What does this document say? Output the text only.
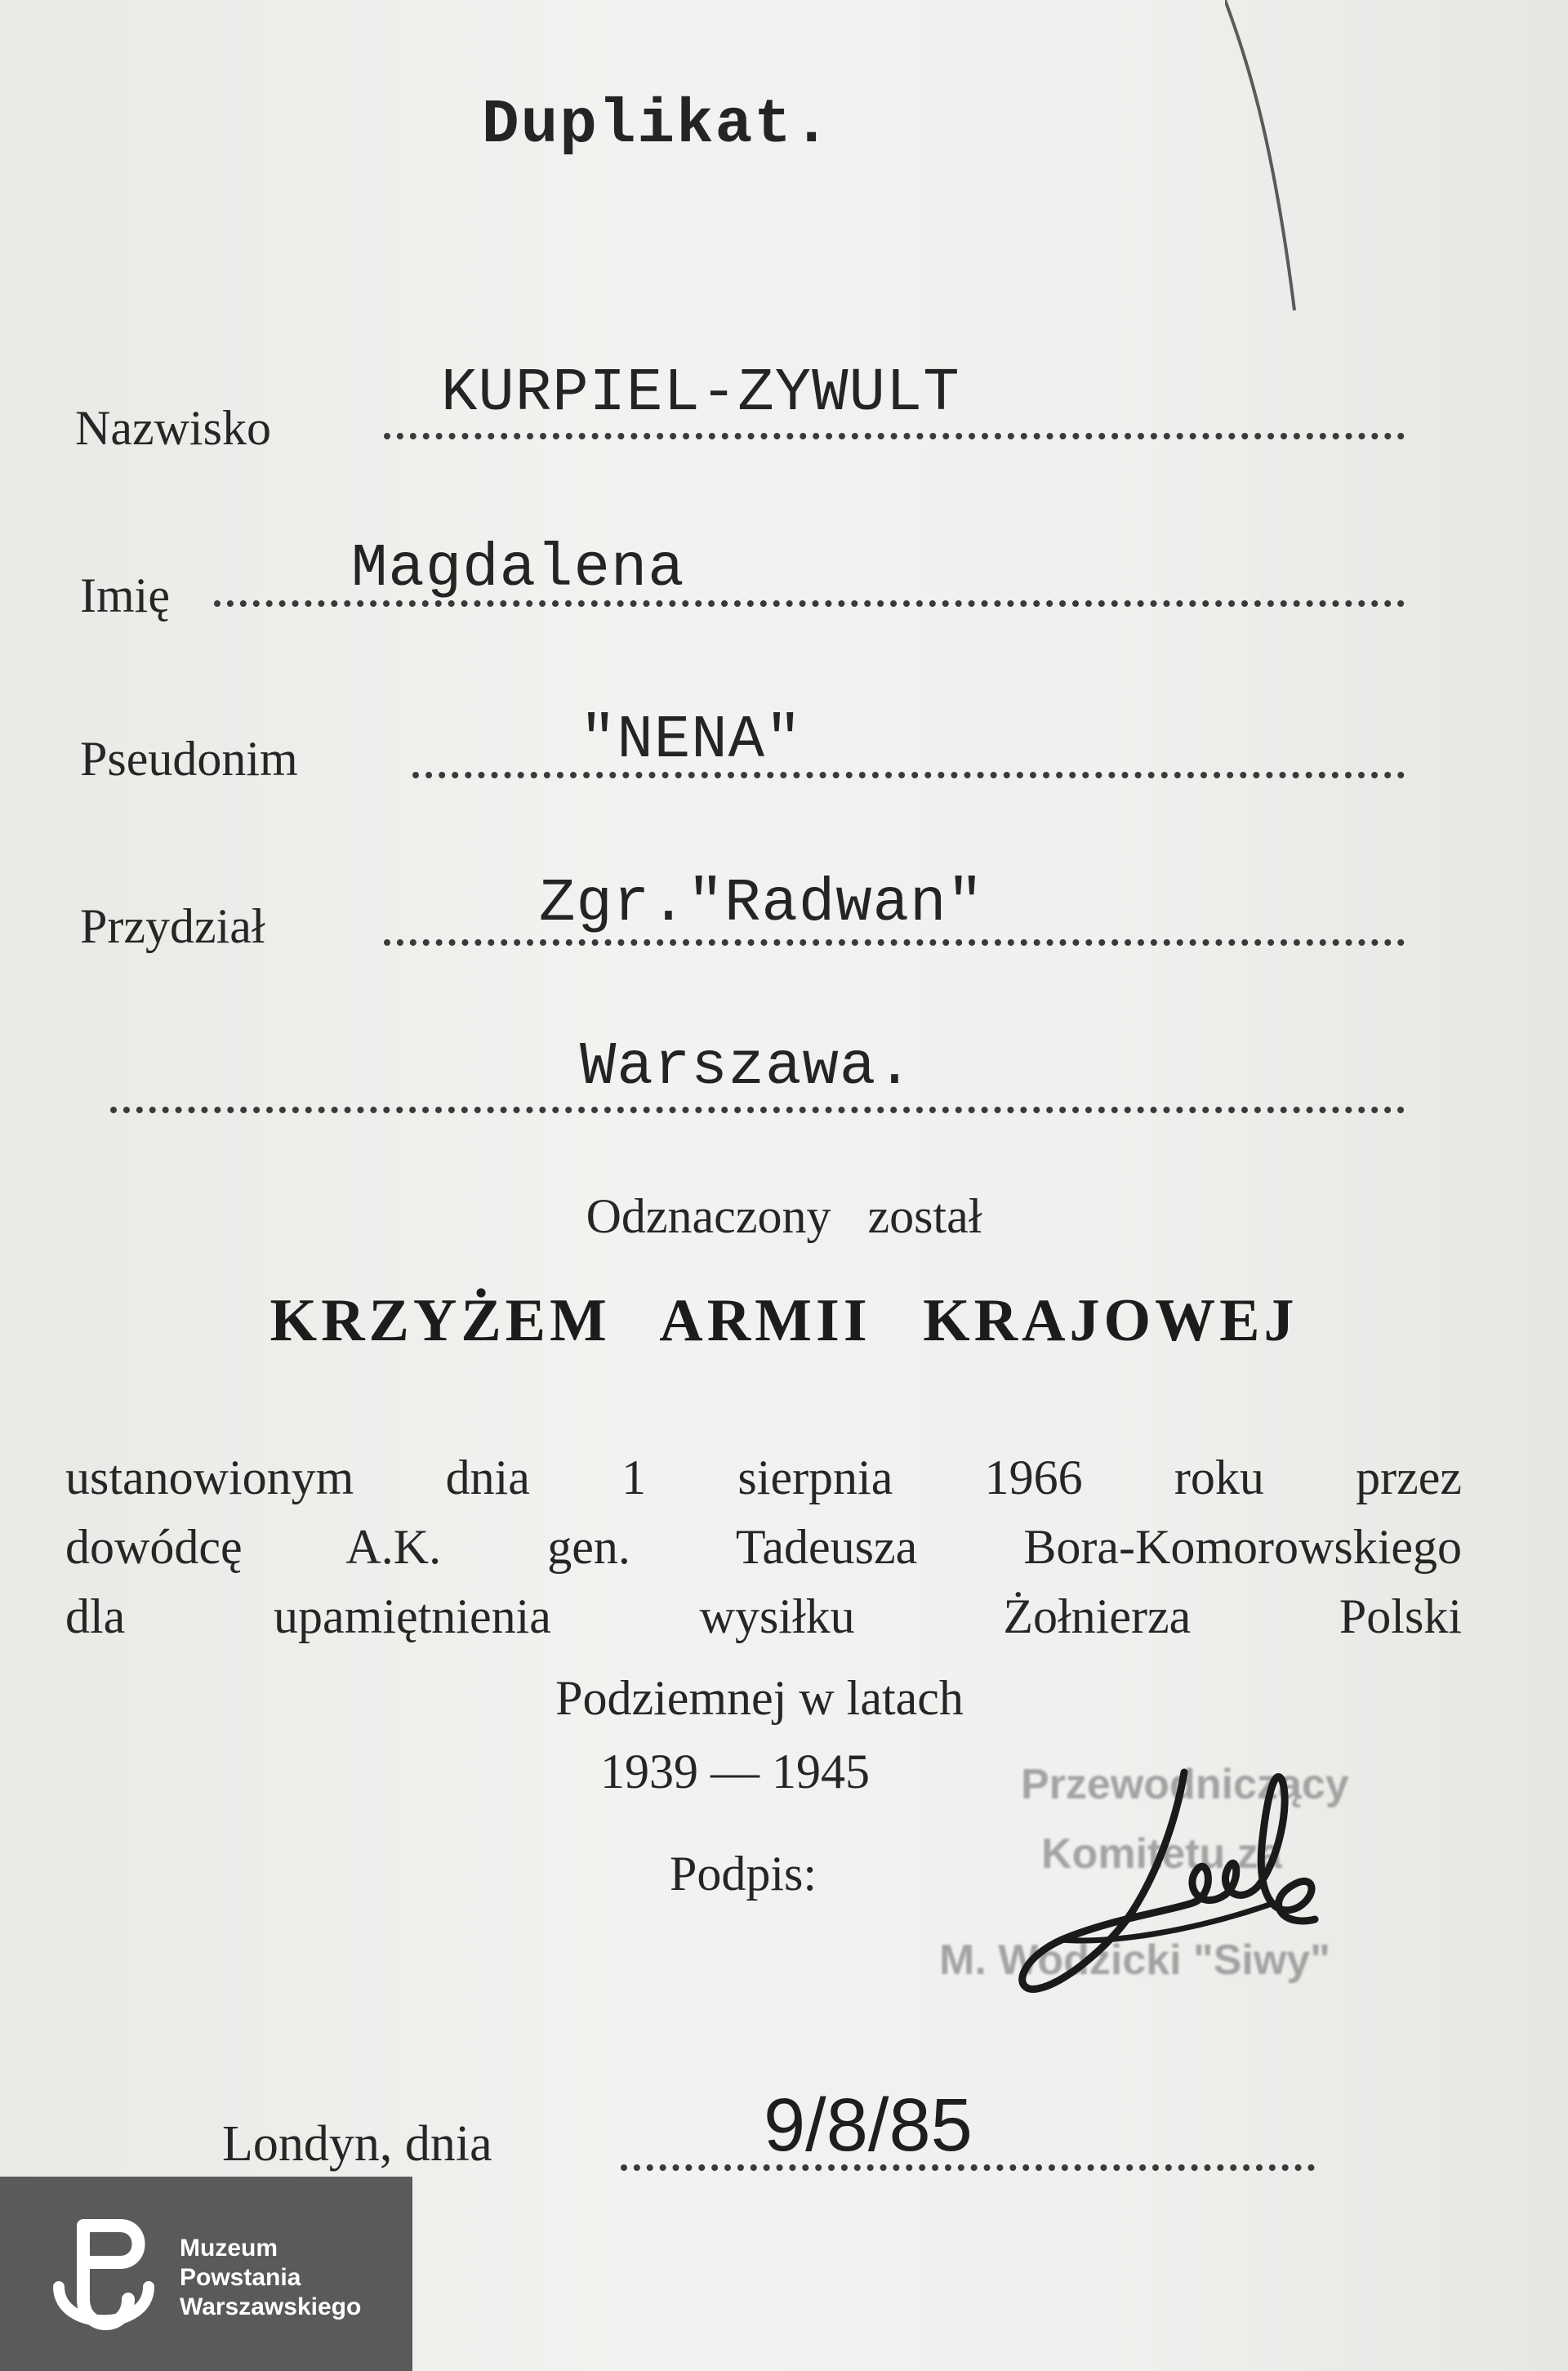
Duplikat.
Nazwisko	KURPIEL-ZYWULT
Imię	Magdalena
Pseudonim	"NENA"
Przydział	Zgr."Radwan"
Warszawa.
Odznaczony został
KRZYŻEM ARMII KRAJOWEJ
ustanowionym dnia 1 sierpnia 1966 roku przez
dowódcę A.K. gen. Tadeusza Bora-Komorowskiego
dla upamiętnienia wysiłku Żołnierza Polski
Podziemnej w latach
1939 — 1945
Podpis:
Przewodniczący
Komitetu za
M. Wodzicki "Siwy"
Londyn, dnia	9/8/85
Muzeum
Powstania
Warszawskiego
